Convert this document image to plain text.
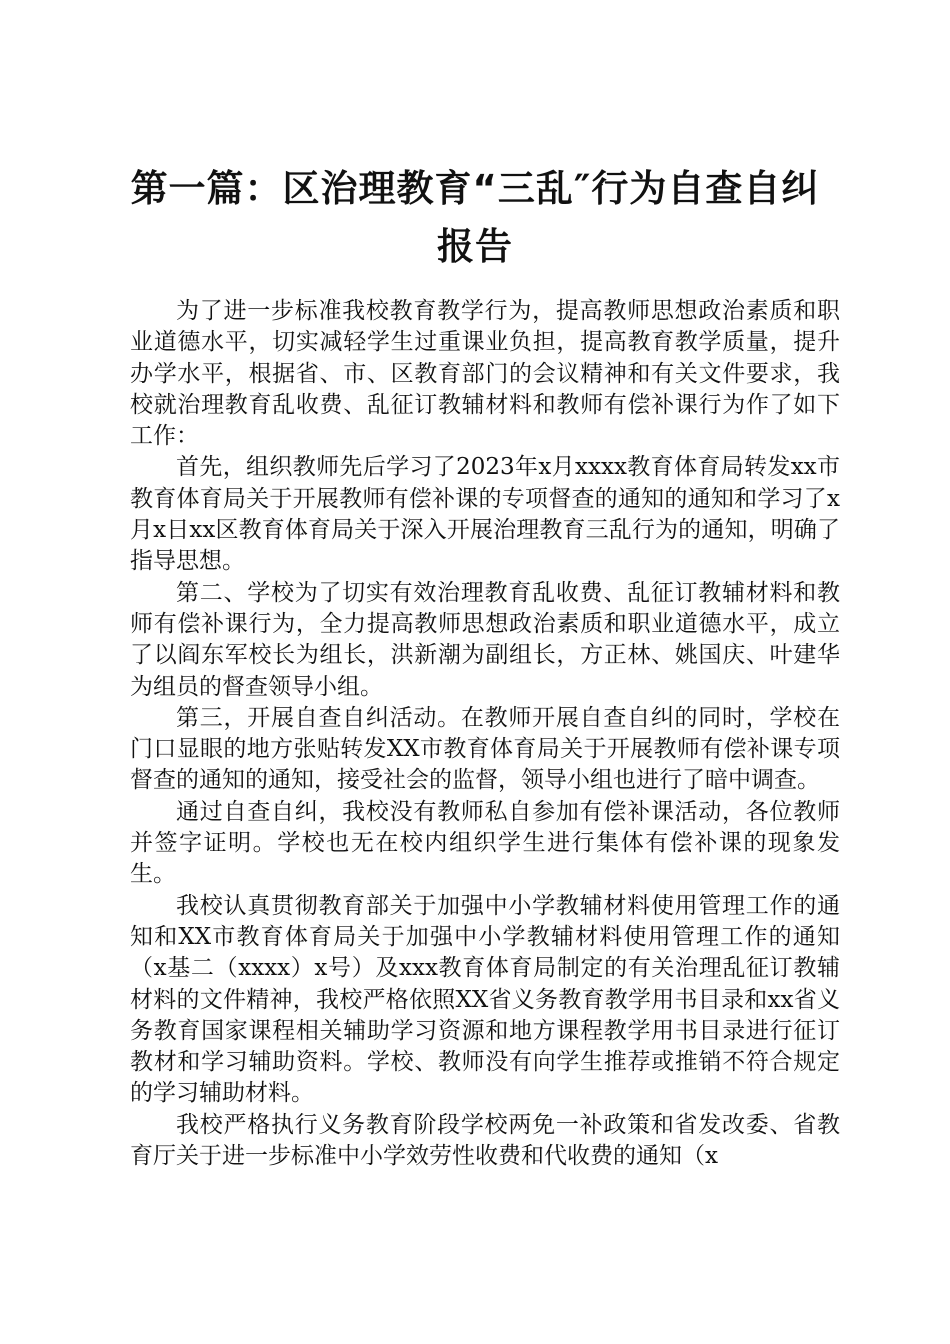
第一篇：区治理教育“三乱″行为自查自纠报告

为了进一步标准我校教育教学行为，提高教师思想政治素质和职业道德水平，切实减轻学生过重课业负担，提高教育教学质量，提升办学水平，根据省、市、区教育部门的会议精神和有关文件要求，我校就治理教育乱收费、乱征订教辅材料和教师有偿补课行为作了如下工作：

首先，组织教师先后学习了2023年x月xxxx教育体育局转发xx市教育体育局关于开展教师有偿补课的专项督查的通知的通知和学习了x月x日xx区教育体育局关于深入开展治理教育三乱行为的通知，明确了指导思想。

第二、学校为了切实有效治理教育乱收费、乱征订教辅材料和教师有偿补课行为，全力提高教师思想政治素质和职业道德水平，成立了以阎东军校长为组长，洪新潮为副组长，方正林、姚国庆、叶建华为组员的督查领导小组。

第三，开展自查自纠活动。在教师开展自查自纠的同时，学校在门口显眼的地方张贴转发XX市教育体育局关于开展教师有偿补课专项督查的通知的通知，接受社会的监督，领导小组也进行了暗中调查。

通过自查自纠，我校没有教师私自参加有偿补课活动，各位教师并签字证明。学校也无在校内组织学生进行集体有偿补课的现象发生。

我校认真贯彻教育部关于加强中小学教辅材料使用管理工作的通知和XX市教育体育局关于加强中小学教辅材料使用管理工作的通知（x基二（xxxx）x号）及xxx教育体育局制定的有关治理乱征订教辅材料的文件精神，我校严格依照XX省义务教育教学用书目录和xx省义务教育国家课程相关辅助学习资源和地方课程教学用书目录进行征订教材和学习辅助资料。学校、教师没有向学生推荐或推销不符合规定的学习辅助材料。

我校严格执行义务教育阶段学校两免一补政策和省发改委、省教育厅关于进一步标准中小学效劳性收费和代收费的通知（x
